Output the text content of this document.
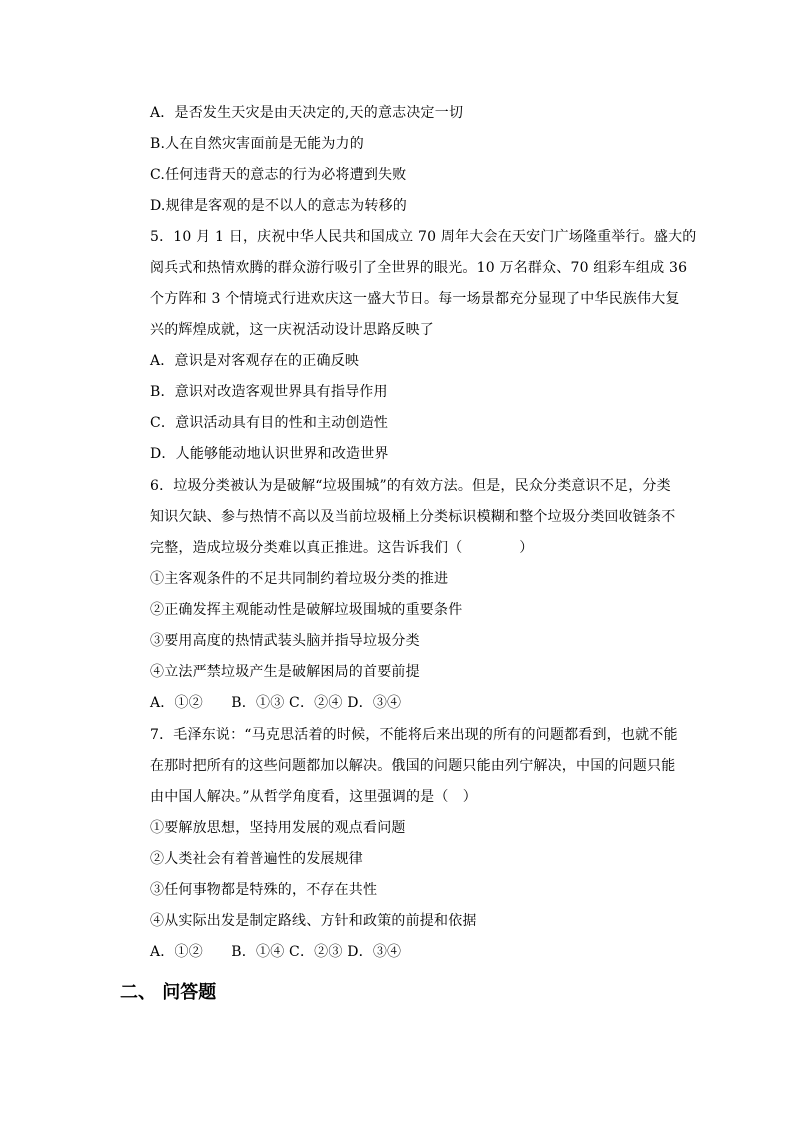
A．是否发生天灾是由天决定的,天的意志决定一切
B.人在自然灾害面前是无能为力的
C.任何违背天的意志的行为必将遭到失败
D.规律是客观的是不以人的意志为转移的
5．10 月 1 日，庆祝中华人民共和国成立 70 周年大会在天安门广场隆重举行。盛大的
阅兵式和热情欢腾的群众游行吸引了全世界的眼光。10 万名群众、70 组彩车组成 36
个方阵和 3 个情境式行进欢庆这一盛大节日。每一场景都充分显现了中华民族伟大复
兴的辉煌成就，这一庆祝活动设计思路反映了
A．意识是对客观存在的正确反映
B．意识对改造客观世界具有指导作用
C．意识活动具有目的性和主动创造性
D．人能够能动地认识世界和改造世界
6．垃圾分类被认为是破解“垃圾围城”的有效方法。但是，民众分类意识不足，分类
知识欠缺、参与热情不高以及当前垃圾桶上分类标识模糊和整个垃圾分类回收链条不
完整，造成垃圾分类难以真正推进。这告诉我们（　　　　）
①主客观条件的不足共同制约着垃圾分类的推进
②正确发挥主观能动性是破解垃圾围城的重要条件
③要用高度的热情武装头脑并指导垃圾分类
④立法严禁垃圾产生是破解困局的首要前提
A．①②　　B．①③ C．②④ D．③④
7．毛泽东说：“马克思活着的时候，不能将后来出现的所有的问题都看到，也就不能
在那时把所有的这些问题都加以解决。俄国的问题只能由列宁解决，中国的问题只能
由中国人解决。”从哲学角度看，这里强调的是（　）
①要解放思想，坚持用发展的观点看问题
②人类社会有着普遍性的发展规律
③任何事物都是特殊的，不存在共性
④从实际出发是制定路线、方针和政策的前提和依据
A．①②　　B．①④ C．②③ D．③④
二、 问答题
